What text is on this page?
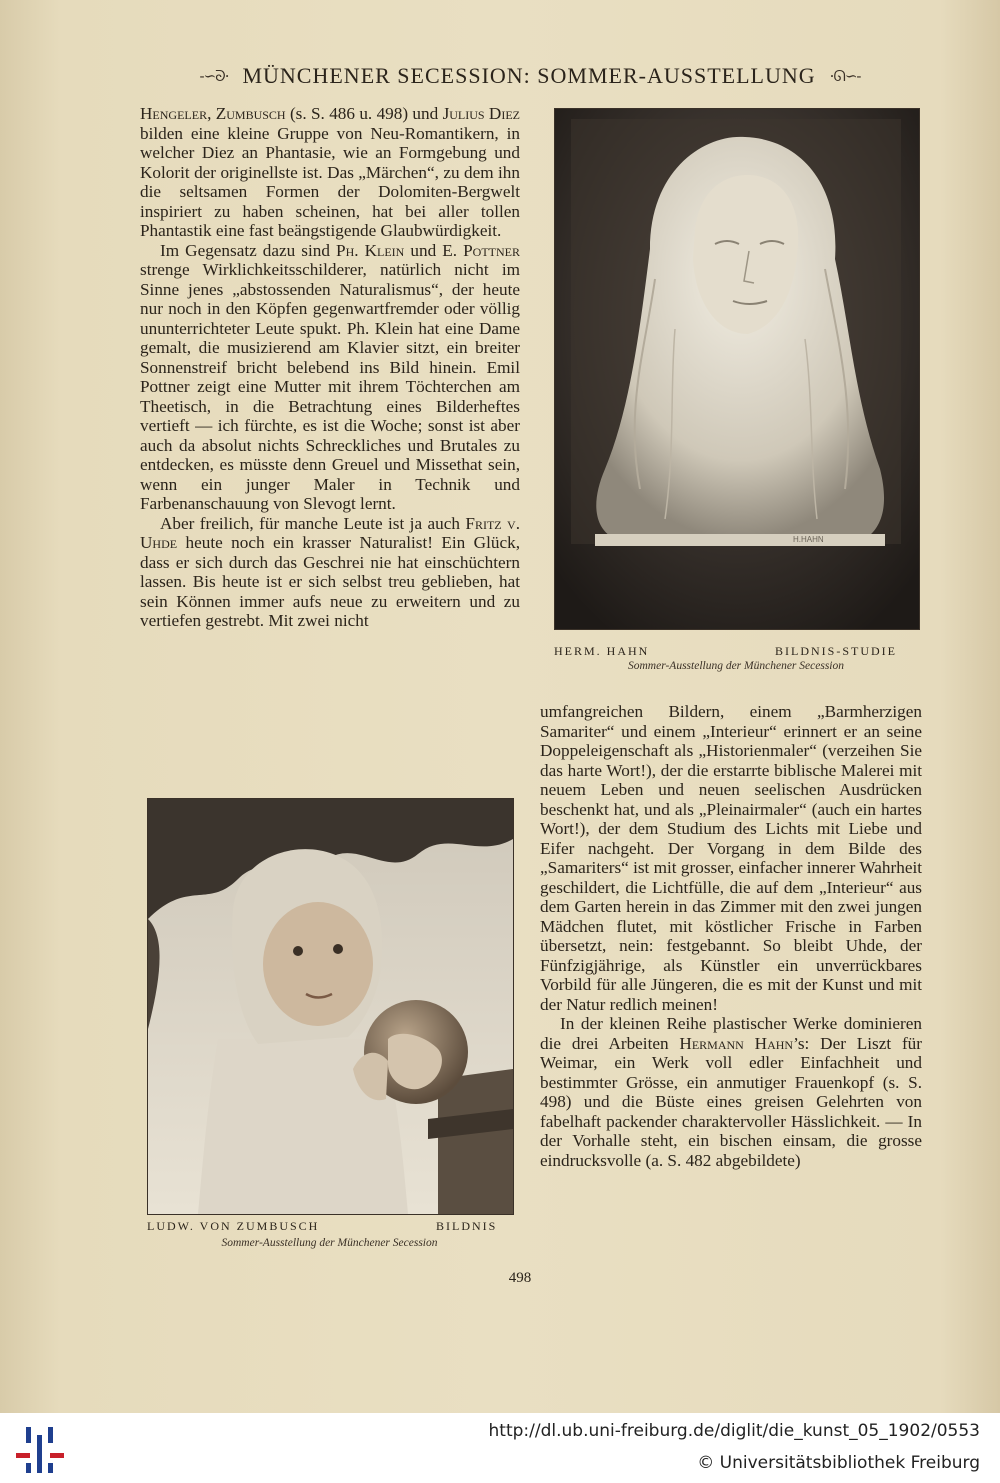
-∽ᘐ· MÜNCHENER SECESSION: SOMMER-AUSSTELLUNG ·ᘏ∽-

Hengeler, Zumbusch (s. S. 486 u. 498) und Julius Diez bilden eine kleine Gruppe von Neu-Romantikern, in welcher Diez an Phantasie, wie an Formgebung und Kolorit der originellste ist. Das „Märchen“, zu dem ihn die seltsamen Formen der Dolomiten-Bergwelt inspiriert zu haben scheinen, hat bei aller tollen Phantastik eine fast beängstigende Glaubwürdigkeit.

Im Gegensatz dazu sind Ph. Klein und E. Pottner strenge Wirklichkeitsschilderer, natürlich nicht im Sinne jenes „abstossenden Naturalismus“, der heute nur noch in den Köpfen gegenwartfremder oder völlig ununterrichteter Leute spukt. Ph. Klein hat eine Dame gemalt, die musizierend am Klavier sitzt, ein breiter Sonnenstreif bricht belebend ins Bild hinein. Emil Pottner zeigt eine Mutter mit ihrem Töchterchen am Theetisch, in die Betrachtung eines Bilderheftes vertieft — ich fürchte, es ist die Woche; sonst ist aber auch da absolut nichts Schreckliches und Brutales zu entdecken, es müsste denn Greuel und Missethat sein, wenn ein junger Maler in Technik und Farbenanschauung von Slevogt lernt.

Aber freilich, für manche Leute ist ja auch Fritz v. Uhde heute noch ein krasser Naturalist! Ein Glück, dass er sich durch das Geschrei nie hat einschüchtern lassen. Bis heute ist er sich selbst treu geblieben, hat sein Können immer aufs neue zu erweitern und zu vertiefen gestrebt. Mit zwei nicht

H.HAHN
HERM. HAHN	BILDNIS-STUDIE
Sommer-Ausstellung der Münchener Secession

umfangreichen Bildern, einem „Barmherzigen Samariter“ und einem „Interieur“ erinnert er an seine Doppeleigenschaft als „Historienmaler“ (verzeihen Sie das harte Wort!), der die erstarrte biblische Malerei mit neuem Leben und neuen seelischen Ausdrücken beschenkt hat, und als „Pleinairmaler“ (auch ein hartes Wort!), der dem Studium des Lichts mit Liebe und Eifer nachgeht. Der Vorgang in dem Bilde des „Samariters“ ist mit grosser, einfacher innerer Wahrheit geschildert, die Lichtfülle, die auf dem „Interieur“ aus dem Garten herein in das Zimmer mit den zwei jungen Mädchen flutet, mit köstlicher Frische in Farben übersetzt, nein: festgebannt. So bleibt Uhde, der Fünfzigjährige, als Künstler ein unverrückbares Vorbild für alle Jüngeren, die es mit der Kunst und mit der Natur redlich meinen!

In der kleinen Reihe plastischer Werke dominieren die drei Arbeiten Hermann Hahn’s: Der Liszt für Weimar, ein Werk voll edler Einfachheit und bestimmter Grösse, ein anmutiger Frauenkopf (s. S. 498) und die Büste eines greisen Gelehrten von fabelhaft packender charaktervoller Hässlichkeit. — In der Vorhalle steht, ein bischen einsam, die grosse eindrucksvolle (a. S. 482 abgebildete)

LUDW. VON ZUMBUSCH	BILDNIS
Sommer-Ausstellung der Münchener Secession
498
http://dl.ub.uni-freiburg.de/diglit/die_kunst_05_1902/0553
© Universitätsbibliothek Freiburg
